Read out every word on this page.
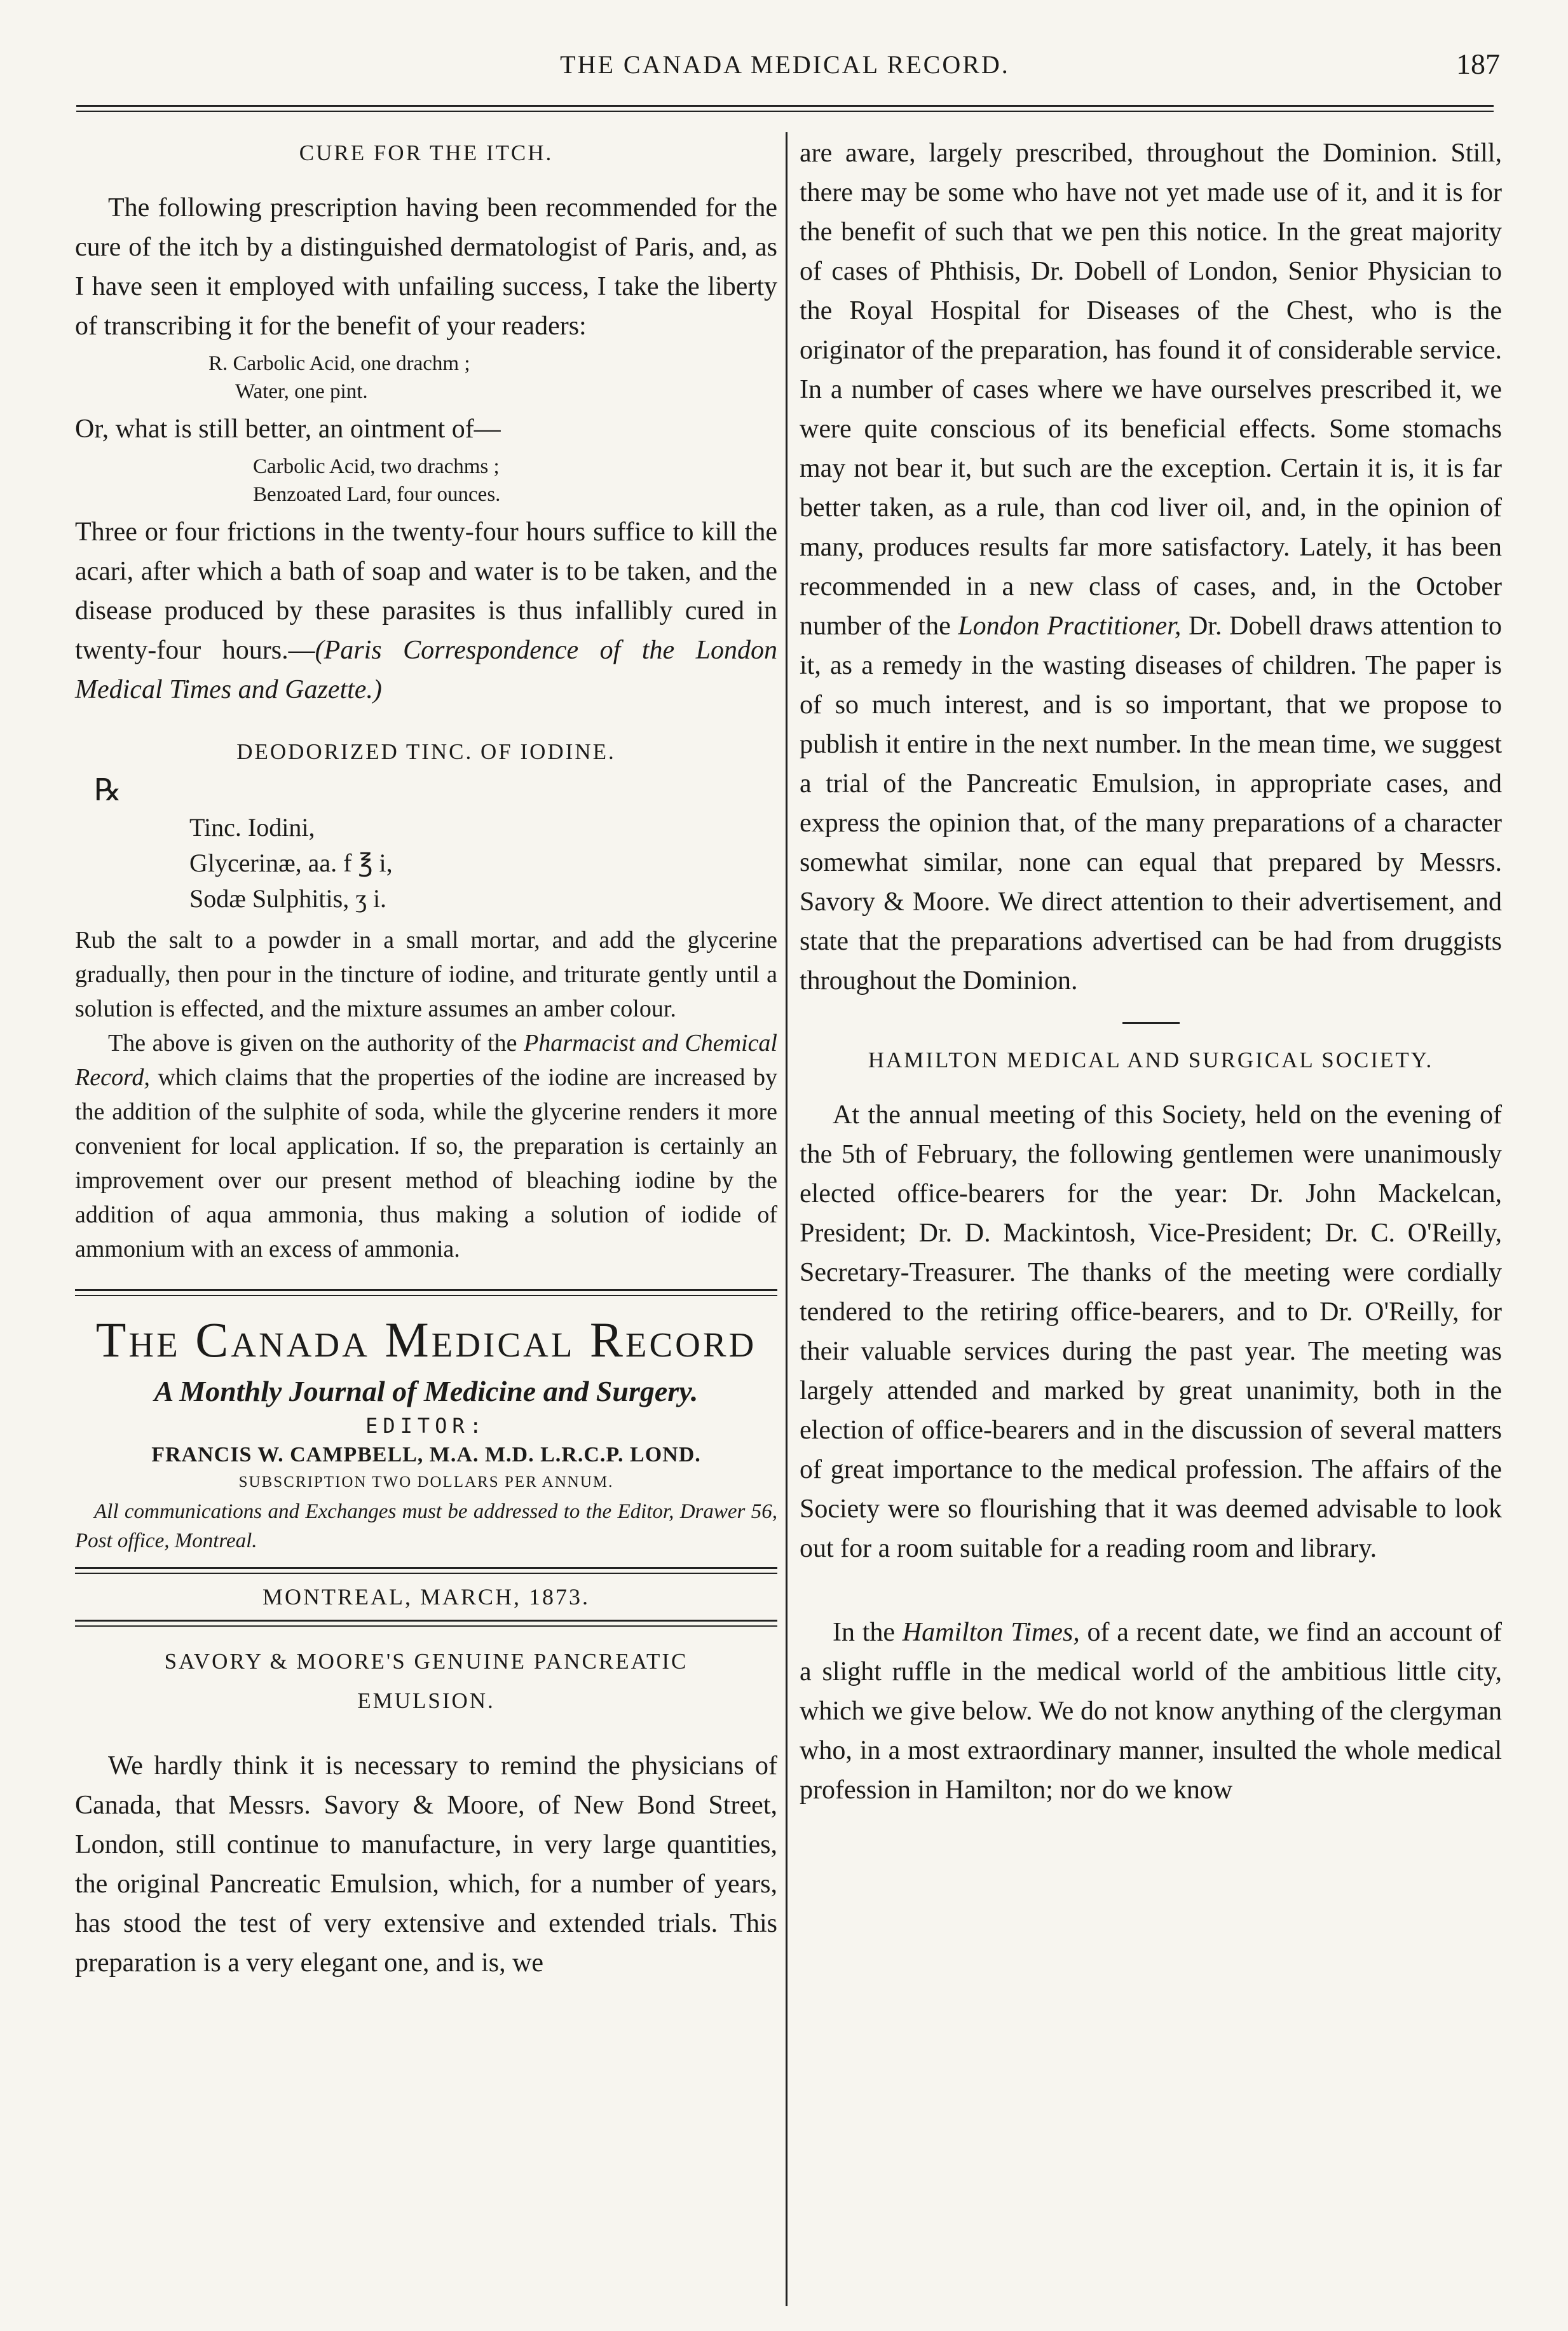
THE CANADA MEDICAL RECORD.	187

CURE FOR THE ITCH.

The following prescription having been recommended for the cure of the itch by a distinguished dermatologist of Paris, and, as I have seen it employed with unfailing success, I take the liberty of transcribing it for the benefit of your readers:

R. Carbolic Acid, one drachm ;
Water, one pint.

Or, what is still better, an ointment of—

Carbolic Acid, two drachms ;
Benzoated Lard, four ounces.

Three or four frictions in the twenty-four hours suffice to kill the acari, after which a bath of soap and water is to be taken, and the disease produced by these parasites is thus infallibly cured in twenty-four hours.—(Paris Correspondence of the London Medical Times and Gazette.)

DEODORIZED TINC. OF IODINE.

℞
Tinc. Iodini,
Glycerinæ, aa. f ℥ i,
Sodæ Sulphitis, ʒ i.

Rub the salt to a powder in a small mortar, and add the glycerine gradually, then pour in the tincture of iodine, and triturate gently until a solution is effected, and the mixture assumes an amber colour.

The above is given on the authority of the Pharmacist and Chemical Record, which claims that the properties of the iodine are increased by the addition of the sulphite of soda, while the glycerine renders it more convenient for local application. If so, the preparation is certainly an improvement over our present method of bleaching iodine by the addition of aqua ammonia, thus making a solution of iodide of ammonium with an excess of ammonia.

The Canada Medical Record

A Monthly Journal of Medicine and Surgery.

EDITOR:

FRANCIS W. CAMPBELL, M.A. M.D. L.R.C.P. LOND.

SUBSCRIPTION TWO DOLLARS PER ANNUM.

All communications and Exchanges must be addressed to the Editor, Drawer 56, Post office, Montreal.

MONTREAL, MARCH, 1873.

SAVORY & MOORE'S GENUINE PANCREATIC

EMULSION.

We hardly think it is necessary to remind the physicians of Canada, that Messrs. Savory & Moore, of New Bond Street, London, still continue to manufacture, in very large quantities, the original Pancreatic Emulsion, which, for a number of years, has stood the test of very extensive and extended trials. This preparation is a very elegant one, and is, we

are aware, largely prescribed, throughout the Dominion. Still, there may be some who have not yet made use of it, and it is for the benefit of such that we pen this notice. In the great majority of cases of Phthisis, Dr. Dobell of London, Senior Physician to the Royal Hospital for Diseases of the Chest, who is the originator of the preparation, has found it of considerable service. In a number of cases where we have ourselves prescribed it, we were quite conscious of its beneficial effects. Some stomachs may not bear it, but such are the exception. Certain it is, it is far better taken, as a rule, than cod liver oil, and, in the opinion of many, produces results far more satisfactory. Lately, it has been recommended in a new class of cases, and, in the October number of the London Practitioner, Dr. Dobell draws attention to it, as a remedy in the wasting diseases of children. The paper is of so much interest, and is so important, that we propose to publish it entire in the next number. In the mean time, we suggest a trial of the Pancreatic Emulsion, in appropriate cases, and express the opinion that, of the many preparations of a character somewhat similar, none can equal that prepared by Messrs. Savory & Moore. We direct attention to their advertisement, and state that the preparations advertised can be had from druggists throughout the Dominion.

HAMILTON MEDICAL AND SURGICAL SOCIETY.

At the annual meeting of this Society, held on the evening of the 5th of February, the following gentlemen were unanimously elected office-bearers for the year: Dr. John Mackelcan, President; Dr. D. Mackintosh, Vice-President; Dr. C. O'Reilly, Secretary-Treasurer. The thanks of the meeting were cordially tendered to the retiring office-bearers, and to Dr. O'Reilly, for their valuable services during the past year. The meeting was largely attended and marked by great unanimity, both in the election of office-bearers and in the discussion of several matters of great importance to the medical profession. The affairs of the Society were so flourishing that it was deemed advisable to look out for a room suitable for a reading room and library.

In the Hamilton Times, of a recent date, we find an account of a slight ruffle in the medical world of the ambitious little city, which we give below. We do not know anything of the clergyman who, in a most extraordinary manner, insulted the whole medical profession in Hamilton; nor do we know
